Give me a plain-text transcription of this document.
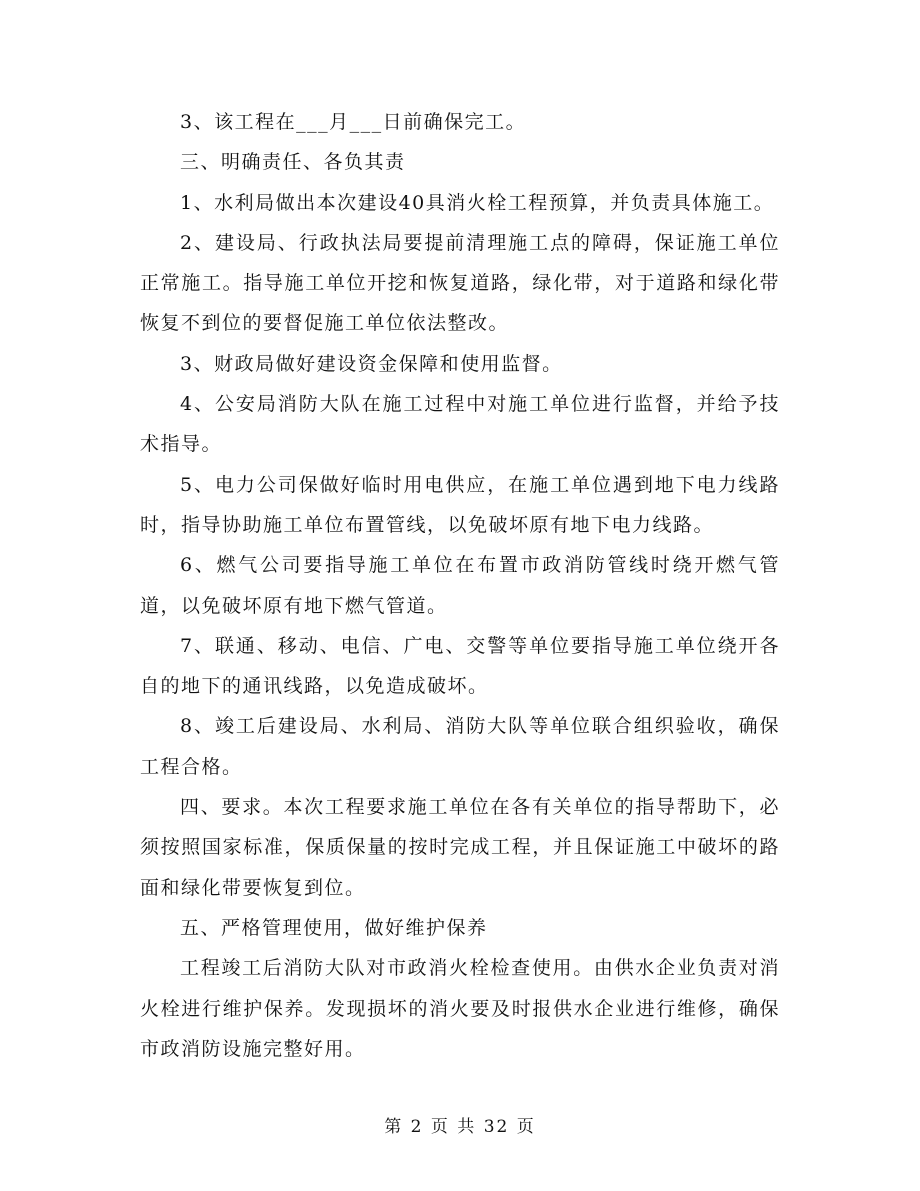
3、该工程在___月___日前确保完工。

三、明确责任、各负其责

1、水利局做出本次建设40具消火栓工程预算，并负责具体施工。

2、建设局、行政执法局要提前清理施工点的障碍，保证施工单位正常施工。指导施工单位开挖和恢复道路，绿化带，对于道路和绿化带恢复不到位的要督促施工单位依法整改。

3、财政局做好建设资金保障和使用监督。

4、公安局消防大队在施工过程中对施工单位进行监督，并给予技术指导。

5、电力公司保做好临时用电供应，在施工单位遇到地下电力线路时，指导协助施工单位布置管线，以免破坏原有地下电力线路。

6、燃气公司要指导施工单位在布置市政消防管线时绕开燃气管道，以免破坏原有地下燃气管道。

7、联通、移动、电信、广电、交警等单位要指导施工单位绕开各自的地下的通讯线路，以免造成破坏。

8、竣工后建设局、水利局、消防大队等单位联合组织验收，确保工程合格。

四、要求。本次工程要求施工单位在各有关单位的指导帮助下，必须按照国家标准，保质保量的按时完成工程，并且保证施工中破坏的路面和绿化带要恢复到位。

五、严格管理使用，做好维护保养

工程竣工后消防大队对市政消火栓检查使用。由供水企业负责对消火栓进行维护保养。发现损坏的消火要及时报供水企业进行维修，确保市政消防设施完整好用。

第 2 页 共 32 页
